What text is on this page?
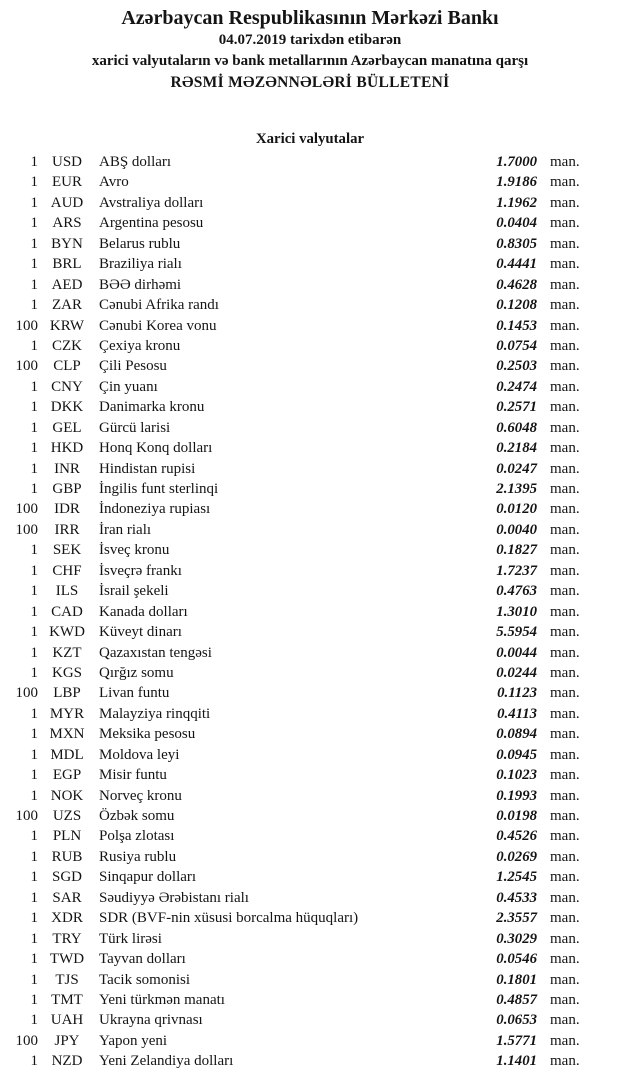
Azərbaycan Respublikasının Mərkəzi Bankı
04.07.2019 tarixdən etibarən
xarici valyutaların və bank metallarının Azərbaycan manatına qarşı
RƏSMİ MƏZƏNNƏLƏRİ BÜLLETENİ
Xarici valyutalar
1 USD	ABŞ dolları	1.7000 man.
1 EUR	Avro	1.9186 man.
1 AUD	Avstraliya dolları	1.1962 man.
1 ARS	Argentina pesosu	0.0404 man.
1 BYN	Belarus rublu	0.8305 man.
1 BRL	Braziliya rialı	0.4441 man.
1 AED	BƏƏ dirhəmi	0.4628 man.
1 ZAR	Cənubi Afrika randı	0.1208 man.
100 KRW Cənubi Korea vonu	0.1453 man.
1 CZK	Çexiya kronu	0.0754 man.
100	CLP	Çili Pesosu	0.2503 man.
1 CNY	Çin yuanı	0.2474 man.
1 DKK	Danimarka kronu	0.2571 man.
1 GEL	Gürcü larisi	0.6048 man.
1 HKD	Honq Konq dolları	0.2184 man.
1	INR	Hindistan rupisi	0.0247 man.
1 GBP	İngilis funt sterlinqi	2.1395 man.
100	IDR	İndoneziya rupiası	0.0120 man.
100	IRR	İran rialı	0.0040 man.
1 SEK	İsveç kronu	0.1827 man.
1 CHF	İsveçrə frankı	1.7237 man.
1	ILS	İsrail şekeli	0.4763 man.
1 CAD	Kanada dolları	1.3010 man.
1 KWD Küveyt dinarı	5.5954 man.
1 KZT	Qazaxıstan tengəsi	0.0044 man.
1 KGS	Qırğız somu	0.0244 man.
100	LBP	Livan funtu	0.1123 man.
1 MYR Malayziya rinqqiti	0.4113 man.
1 MXN Meksika pesosu	0.0894 man.
1 MDL	Moldova leyi	0.0945 man.
1 EGP	Misir funtu	0.1023 man.
1 NOK	Norveç kronu	0.1993 man.
100 UZS	Özbək somu	0.0198 man.
1 PLN	Polşa zlotası	0.4526 man.
1 RUB	Rusiya rublu	0.0269 man.
1 SGD	Sinqapur dolları	1.2545 man.
1 SAR	Səudiyyə Ərəbistanı rialı	0.4533 man.
1 XDR	SDR (BVF-nin xüsusi borcalma hüquqları)	2.3557 man.
1 TRY	Türk lirəsi	0.3029 man.
1 TWD Tayvan dolları	0.0546 man.
1	TJS	Tacik somonisi	0.1801 man.
1 TMT	Yeni türkmən manatı	0.4857 man.
1 UAH	Ukrayna qrivnası	0.0653 man.
100	JPY	Yapon yeni	1.5771 man.
1 NZD	Yeni Zelandiya dolları	1.1401 man.
